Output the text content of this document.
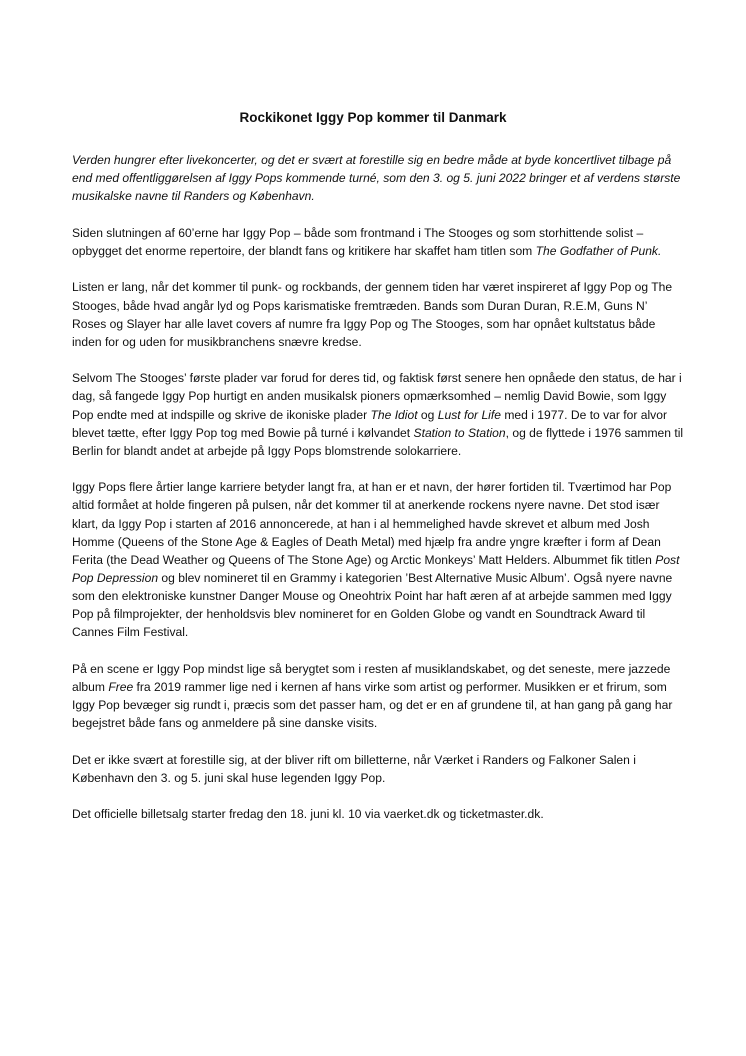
Rockikonet Iggy Pop kommer til Danmark

Verden hungrer efter livekoncerter, og det er svært at forestille sig en bedre måde at byde koncertlivet tilbage på end med offentliggørelsen af Iggy Pops kommende turné, som den 3. og 5. juni 2022 bringer et af verdens største musikalske navne til Randers og København.

Siden slutningen af 60’erne har Iggy Pop – både som frontmand i The Stooges og som storhittende solist – opbygget det enorme repertoire, der blandt fans og kritikere har skaffet ham titlen som The Godfather of Punk.

Listen er lang, når det kommer til punk- og rockbands, der gennem tiden har været inspireret af Iggy Pop og The Stooges, både hvad angår lyd og Pops karismatiske fremtræden. Bands som Duran Duran, R.E.M, Guns N’ Roses og Slayer har alle lavet covers af numre fra Iggy Pop og The Stooges, som har opnået kultstatus både inden for og uden for musikbranchens snævre kredse.

Selvom The Stooges’ første plader var forud for deres tid, og faktisk først senere hen opnåede den status, de har i dag, så fangede Iggy Pop hurtigt en anden musikalsk pioners opmærksomhed – nemlig David Bowie, som Iggy Pop endte med at indspille og skrive de ikoniske plader The Idiot og Lust for Life med i 1977. De to var for alvor blevet tætte, efter Iggy Pop tog med Bowie på turné i kølvandet Station to Station, og de flyttede i 1976 sammen til Berlin for blandt andet at arbejde på Iggy Pops blomstrende solokarriere.

Iggy Pops flere årtier lange karriere betyder langt fra, at han er et navn, der hører fortiden til. Tværtimod har Pop altid formået at holde fingeren på pulsen, når det kommer til at anerkende rockens nyere navne. Det stod især klart, da Iggy Pop i starten af 2016 annoncerede, at han i al hemmelighed havde skrevet et album med Josh Homme (Queens of the Stone Age & Eagles of Death Metal) med hjælp fra andre yngre kræfter i form af Dean Ferita (the Dead Weather og Queens of The Stone Age) og Arctic Monkeys’ Matt Helders. Albummet fik titlen Post Pop Depression og blev nomineret til en Grammy i kategorien ’Best Alternative Music Album’. Også nyere navne som den elektroniske kunstner Danger Mouse og Oneohtrix Point har haft æren af at arbejde sammen med Iggy Pop på filmprojekter, der henholdsvis blev nomineret for en Golden Globe og vandt en Soundtrack Award til Cannes Film Festival.

På en scene er Iggy Pop mindst lige så berygtet som i resten af musiklandskabet, og det seneste, mere jazzede album Free fra 2019 rammer lige ned i kernen af hans virke som artist og performer. Musikken er et frirum, som Iggy Pop bevæger sig rundt i, præcis som det passer ham, og det er en af grundene til, at han gang på gang har begejstret både fans og anmeldere på sine danske visits.

Det er ikke svært at forestille sig, at der bliver rift om billetterne, når Værket i Randers og Falkoner Salen i København den 3. og 5. juni skal huse legenden Iggy Pop.

Det officielle billetsalg starter fredag den 18. juni kl. 10 via vaerket.dk og ticketmaster.dk.
